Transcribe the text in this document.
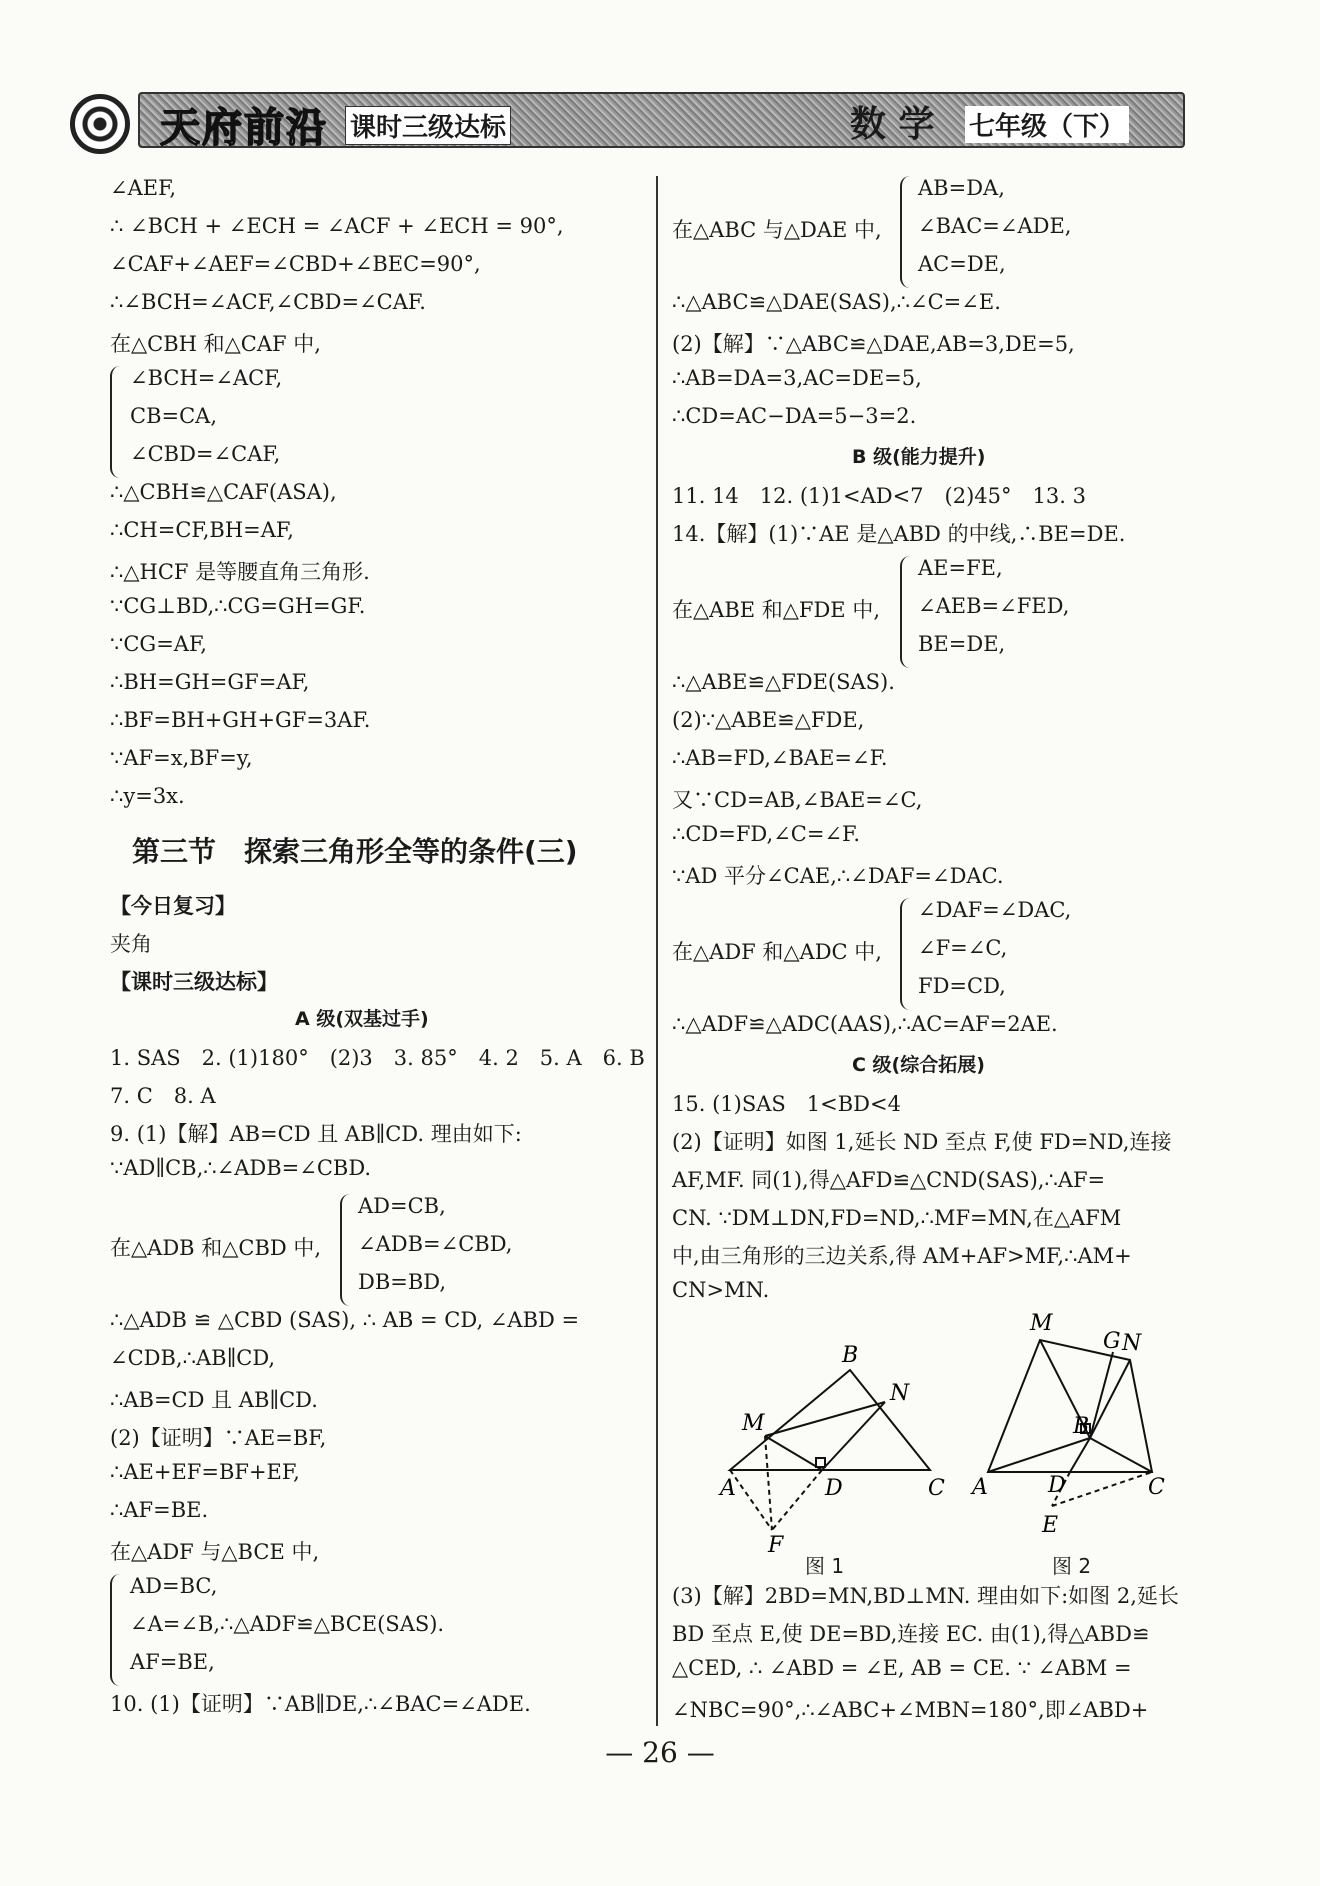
天府前沿 课时三级达标	数 学 七年级（下）
∠AEF,
∴ ∠BCH + ∠ECH = ∠ACF + ∠ECH = 90°,
∠CAF+∠AEF=∠CBD+∠BEC=90°,
∴∠BCH=∠ACF,∠CBD=∠CAF.
在△CBH 和△CAF 中,
∠BCH=∠ACF,
CB=CA,
∠CBD=∠CAF,
∴△CBH≌△CAF(ASA),
∴CH=CF,BH=AF,
∴△HCF 是等腰直角三角形.
∵CG⊥BD,∴CG=GH=GF.
∵CG=AF,
∴BH=GH=GF=AF,
∴BF=BH+GH+GF=3AF.
∵AF=x,BF=y,
∴y=3x.
第三节　探索三角形全等的条件(三)
【今日复习】
夹角
【课时三级达标】
A 级(双基过手)
1. SAS　2. (1)180°　(2)3　3. 85°　4. 2　5. A　6. B
7. C　8. A
9. (1)【解】AB=CD 且 AB∥CD. 理由如下:
∵AD∥CB,∴∠ADB=∠CBD.
在△ADB 和△CBD 中,
AD=CB,
∠ADB=∠CBD,
DB=BD,
∴△ADB ≌ △CBD (SAS), ∴ AB = CD, ∠ABD =
∠CDB,∴AB∥CD,
∴AB=CD 且 AB∥CD.
(2)【证明】∵AE=BF,
∴AE+EF=BF+EF,
∴AF=BE.
在△ADF 与△BCE 中,
AD=BC,
∠A=∠B,∴△ADF≌△BCE(SAS).
AF=BE,
10. (1)【证明】∵AB∥DE,∴∠BAC=∠ADE.
在△ABC 与△DAE 中,
AB=DA,
∠BAC=∠ADE,
AC=DE,
∴△ABC≌△DAE(SAS),∴∠C=∠E.
(2)【解】∵△ABC≌△DAE,AB=3,DE=5,
∴AB=DA=3,AC=DE=5,
∴CD=AC−DA=5−3=2.
B 级(能力提升)
11. 14　12. (1)1<AD<7　(2)45°　13. 3
14.【解】(1)∵AE 是△ABD 的中线,∴BE=DE.
在△ABE 和△FDE 中,
AE=FE,
∠AEB=∠FED,
BE=DE,
∴△ABE≌△FDE(SAS).
(2)∵△ABE≌△FDE,
∴AB=FD,∠BAE=∠F.
又∵CD=AB,∠BAE=∠C,
∴CD=FD,∠C=∠F.
∵AD 平分∠CAE,∴∠DAF=∠DAC.
在△ADF 和△ADC 中,
∠DAF=∠DAC,
∠F=∠C,
FD=CD,
∴△ADF≌△ADC(AAS),∴AC=AF=2AE.
C 级(综合拓展)
15. (1)SAS　1<BD<4
(2)【证明】如图 1,延长 ND 至点 F,使 FD=ND,连接
AF,MF. 同(1),得△AFD≌△CND(SAS),∴AF=
CN. ∵DM⊥DN,FD=ND,∴MF=MN,在△AFM
中,由三角形的三边关系,得 AM+AF>MF,∴AM+
CN>MN.
A
B
C
M
N
D
F
图 1
M
G N
B
A	D	C
E
图 2
(3)【解】2BD=MN,BD⊥MN. 理由如下:如图 2,延长
BD 至点 E,使 DE=BD,连接 EC. 由(1),得△ABD≌
△CED, ∴ ∠ABD = ∠E, AB = CE. ∵ ∠ABM =
∠NBC=90°,∴∠ABC+∠MBN=180°,即∠ABD+
— 26 —
